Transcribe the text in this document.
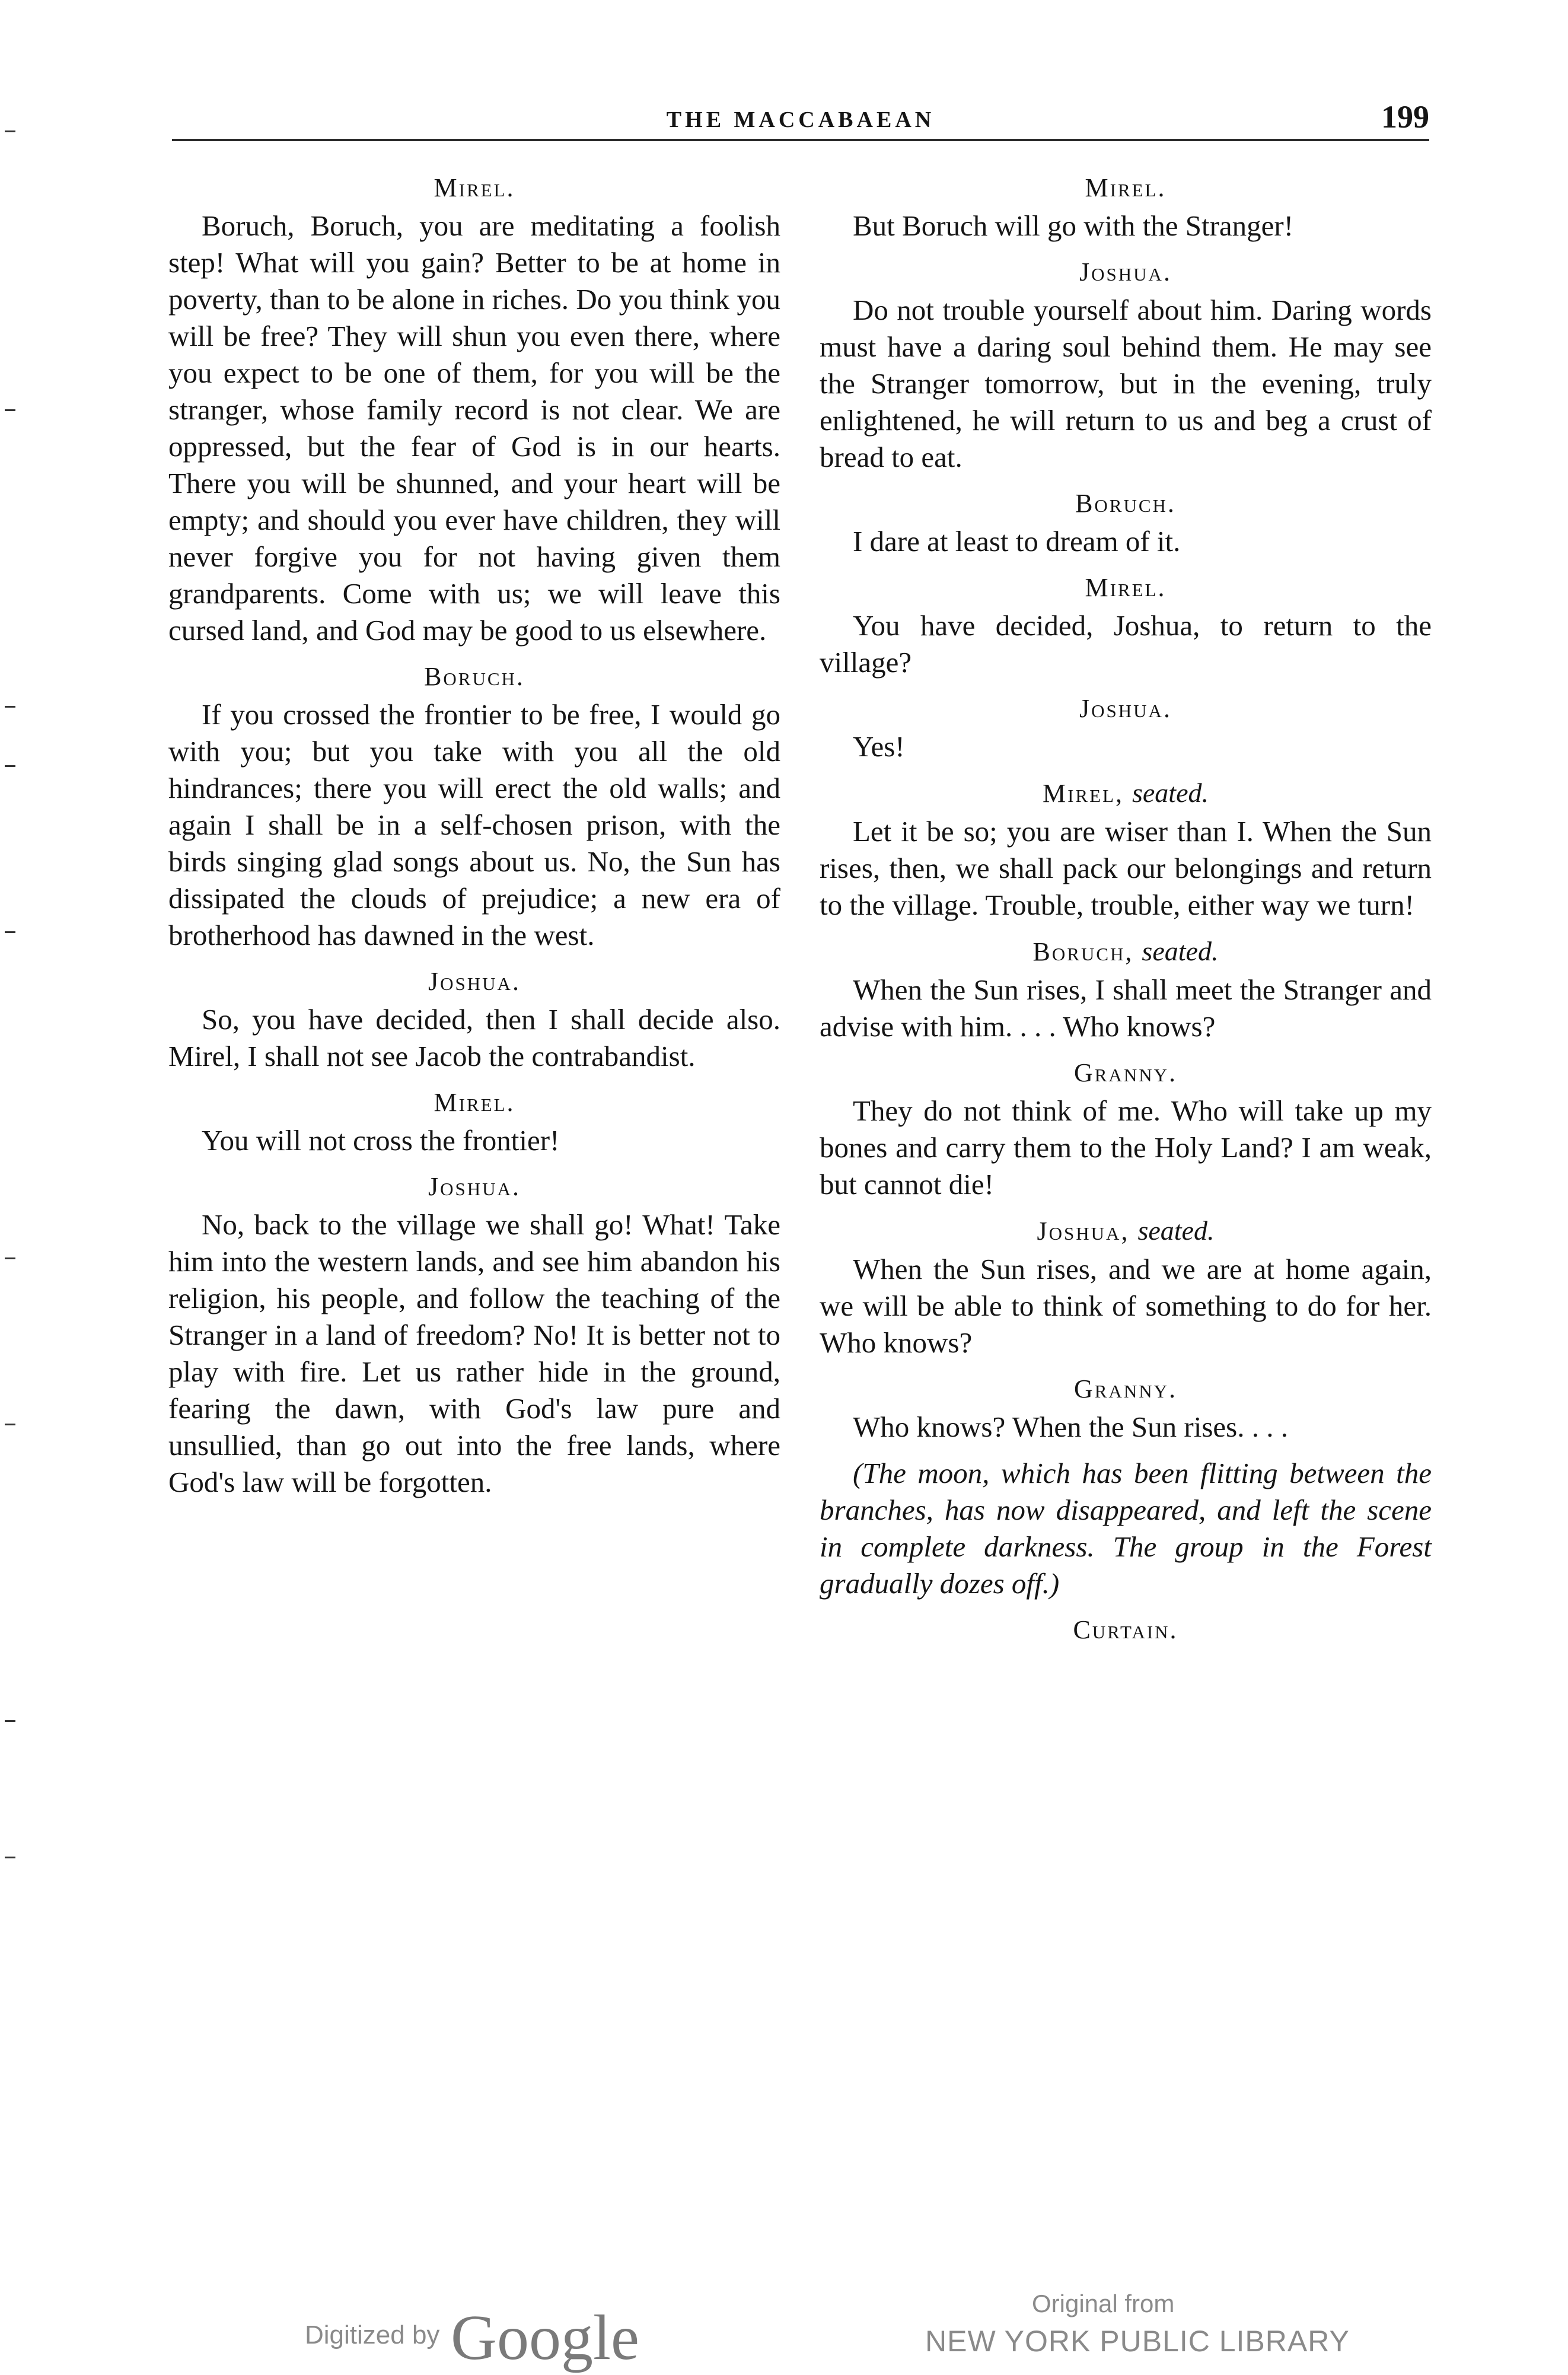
THE MACCABAEAN	199
Mirel.

Boruch, Boruch, you are meditating a foolish step! What will you gain? Better to be at home in poverty, than to be alone in riches. Do you think you will be free? They will shun you even there, where you expect to be one of them, for you will be the stranger, whose family record is not clear. We are oppressed, but the fear of God is in our hearts. There you will be shunned, and your heart will be empty; and should you ever have children, they will never forgive you for not having given them grandparents. Come with us; we will leave this cursed land, and God may be good to us elsewhere.

Boruch.

If you crossed the frontier to be free, I would go with you; but you take with you all the old hindrances; there you will erect the old walls; and again I shall be in a self-chosen prison, with the birds singing glad songs about us. No, the Sun has dissipated the clouds of prejudice; a new era of brotherhood has dawned in the west.

Joshua.

So, you have decided, then I shall decide also. Mirel, I shall not see Jacob the contrabandist.

Mirel.

You will not cross the frontier!

Joshua.

No, back to the village we shall go! What! Take him into the western lands, and see him abandon his religion, his people, and follow the teaching of the Stranger in a land of freedom? No! It is better not to play with fire. Let us rather hide in the ground, fearing the dawn, with God's law pure and unsullied, than go out into the free lands, where God's law will be forgotten.

Mirel.

But Boruch will go with the Stranger!

Joshua.

Do not trouble yourself about him. Daring words must have a daring soul behind them. He may see the Stranger tomorrow, but in the evening, truly enlightened, he will return to us and beg a crust of bread to eat.

Boruch.

I dare at least to dream of it.

Mirel.

You have decided, Joshua, to return to the village?

Joshua.

Yes!

Mirel, seated.

Let it be so; you are wiser than I. When the Sun rises, then, we shall pack our belongings and return to the village. Trouble, trouble, either way we turn!

Boruch, seated.

When the Sun rises, I shall meet the Stranger and advise with him. . . . Who knows?

Granny.

They do not think of me. Who will take up my bones and carry them to the Holy Land? I am weak, but cannot die!

Joshua, seated.

When the Sun rises, and we are at home again, we will be able to think of something to do for her. Who knows?

Granny.

Who knows? When the Sun rises. . . .

(The moon, which has been flitting between the branches, has now disappeared, and left the scene in complete darkness. The group in the Forest gradually dozes off.)

Curtain.
Digitized by Google	Original from
NEW YORK PUBLIC LIBRARY
